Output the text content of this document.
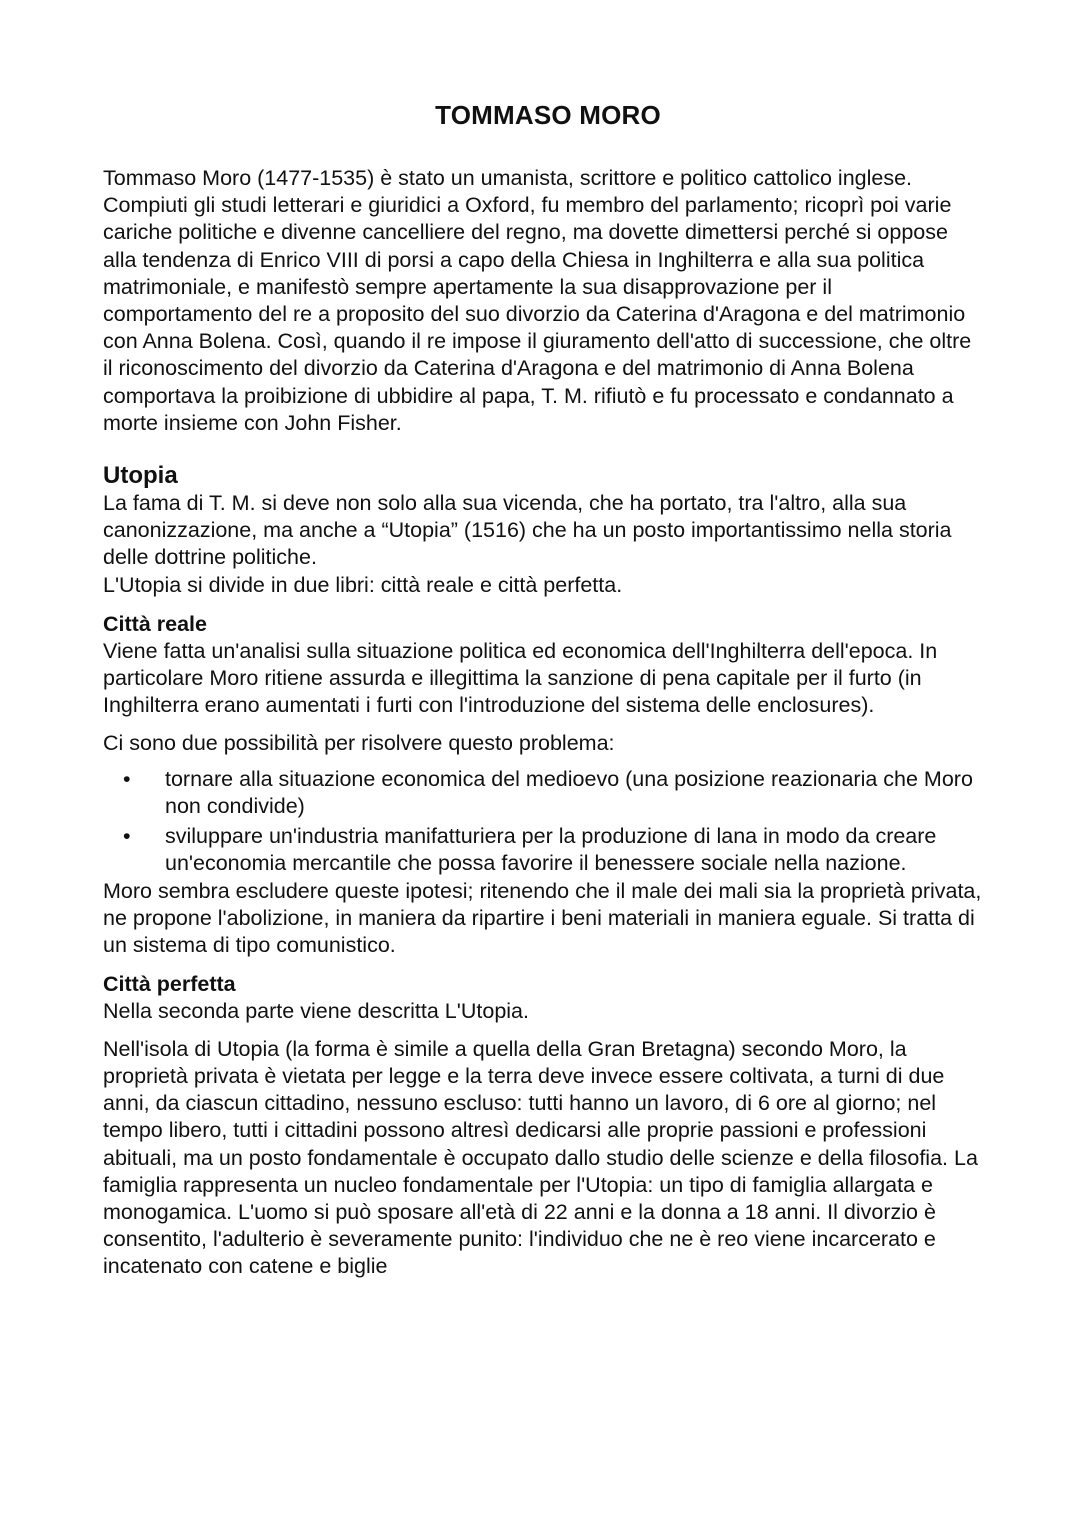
TOMMASO MORO

Tommaso Moro (1477-1535) è stato un umanista, scrittore e politico cattolico inglese. Compiuti gli studi letterari e giuridici a Oxford, fu membro del parlamento; ricoprì poi varie cariche politiche e divenne cancelliere del regno, ma dovette dimettersi perché si oppose alla tendenza di Enrico VIII di porsi a capo della Chiesa in Inghilterra e alla sua politica matrimoniale, e manifestò sempre apertamente la sua disapprovazione per il comportamento del re a proposito del suo divorzio da Caterina d'Aragona e del matrimonio con Anna Bolena. Così, quando il re impose il giuramento dell'atto di successione, che oltre il riconoscimento del divorzio da Caterina d'Aragona e del matrimonio di Anna Bolena comportava la proibizione di ubbidire al papa, T. M. rifiutò e fu processato e condannato a morte insieme con John Fisher.

Utopia

La fama di T. M. si deve non solo alla sua vicenda, che ha portato, tra l'altro, alla sua canonizzazione, ma anche a “Utopia” (1516) che ha un posto importantissimo nella storia delle dottrine politiche.

L'Utopia si divide in due libri: città reale e città perfetta.

Città reale

Viene fatta un'analisi sulla situazione politica ed economica dell'Inghilterra dell'epoca. In particolare Moro ritiene assurda e illegittima la sanzione di pena capitale per il furto (in Inghilterra erano aumentati i furti con l'introduzione del sistema delle enclosures).

Ci sono due possibilità per risolvere questo problema:

• tornare alla situazione economica del medioevo (una posizione reazionaria che Moro non condivide)
• sviluppare un'industria manifatturiera per la produzione di lana in modo da creare un'economia mercantile che possa favorire il benessere sociale nella nazione.

Moro sembra escludere queste ipotesi; ritenendo che il male dei mali sia la proprietà privata, ne propone l'abolizione, in maniera da ripartire i beni materiali in maniera eguale. Si tratta di un sistema di tipo comunistico.

Città perfetta

Nella seconda parte viene descritta L'Utopia.

Nell'isola di Utopia (la forma è simile a quella della Gran Bretagna) secondo Moro, la proprietà privata è vietata per legge e la terra deve invece essere coltivata, a turni di due anni, da ciascun cittadino, nessuno escluso: tutti hanno un lavoro, di 6 ore al giorno; nel tempo libero, tutti i cittadini possono altresì dedicarsi alle proprie passioni e professioni abituali, ma un posto fondamentale è occupato dallo studio delle scienze e della filosofia. La famiglia rappresenta un nucleo fondamentale per l'Utopia: un tipo di famiglia allargata e monogamica. L'uomo si può sposare all'età di 22 anni e la donna a 18 anni. Il divorzio è consentito, l'adulterio è severamente punito: l'individuo che ne è reo viene incarcerato e incatenato con catene e biglie
